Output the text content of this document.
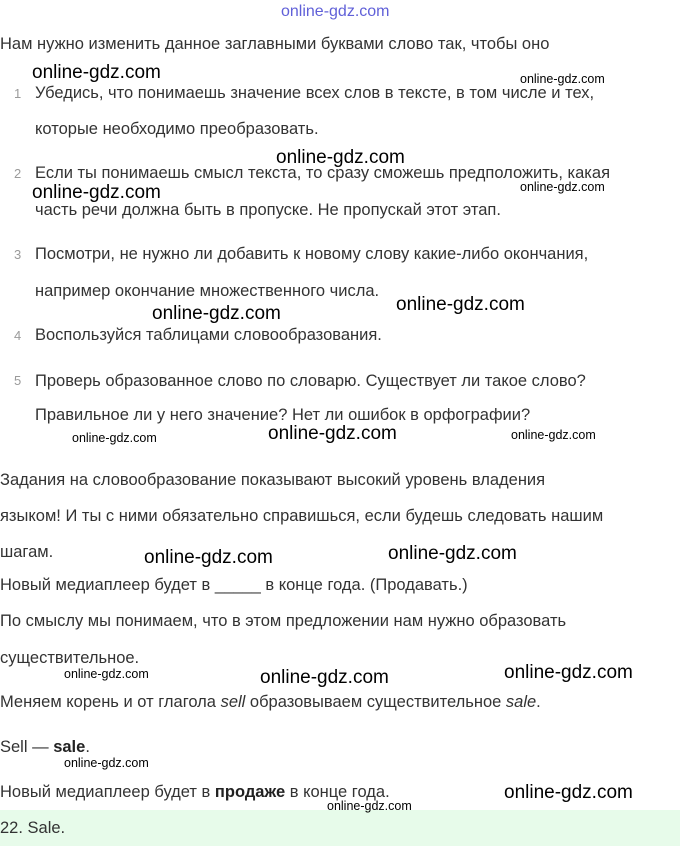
online-gdz.com
Нам нужно изменить данное заглавными буквами слово так, чтобы оно
1 Убедись, что понимаешь значение всех слов в тексте, в том числе и тех,
которые необходимо преобразовать.
2 Если ты понимаешь смысл текста, то сразу сможешь предположить, какая
часть речи должна быть в пропуске. Не пропускай этот этап.
3 Посмотри, не нужно ли добавить к новому слову какие-либо окончания,
например окончание множественного числа.
4 Воспользуйся таблицами словообразования.
5 Проверь образованное слово по словарю. Существует ли такое слово?
Правильное ли у него значение? Нет ли ошибок в орфографии?
Задания на словообразование показывают высокий уровень владения
языком! И ты с ними обязательно справишься, если будешь следовать нашим
шагам.
Новый медиаплеер будет в _____ в конце года. (Продавать.)
По смыслу мы понимаем, что в этом предложении нам нужно образовать
существительное.
Меняем корень и от глагола sell образовываем существительное sale.
Sell — sale.
Новый медиаплеер будет в продаже в конце года.
22. Sale.
online-gdz.com
online-gdz.com
online-gdz.com
online-gdz.com
online-gdz.com
online-gdz.com
online-gdz.com
online-gdz.com
online-gdz.com
online-gdz.com
online-gdz.com
online-gdz.com
online-gdz.com
online-gdz.com	online-gdz.com
online-gdz.com
online-gdz.com
online-gdz.com
